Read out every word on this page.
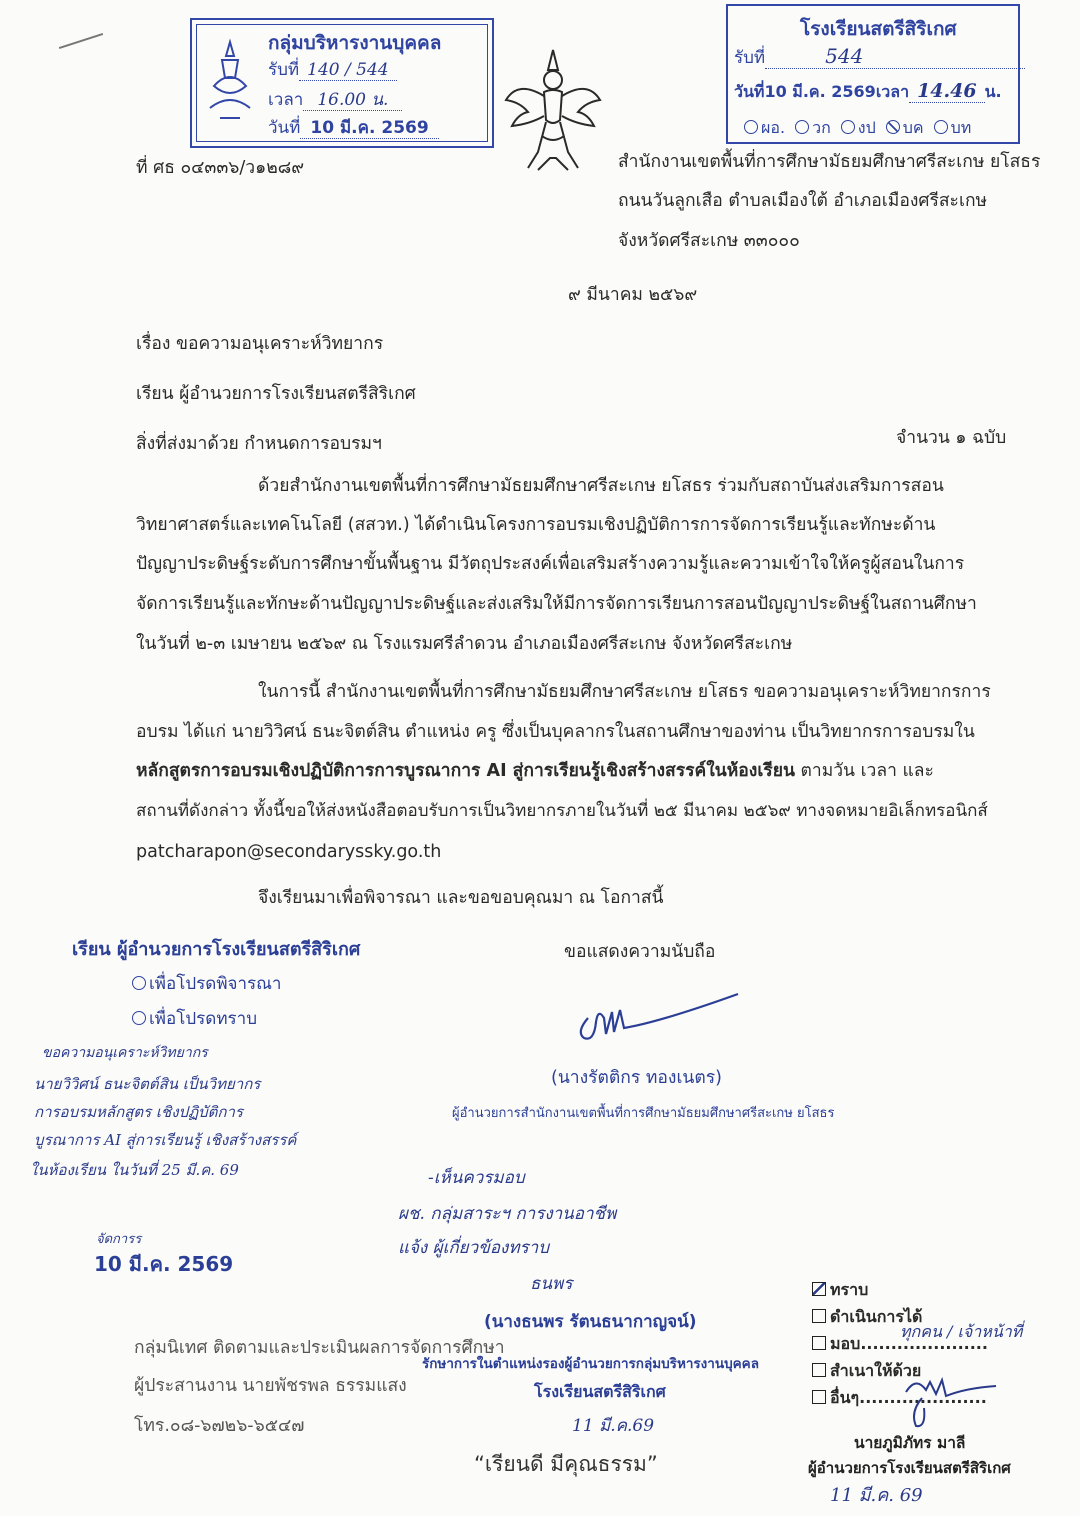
กลุ่มบริหารงานบุคคล
รับที่ 140 / 544
เวลา 16.00 น.
วันที่ 10 มี.ค. 2569
โรงเรียนสตรีสิริเกศ
รับที่	544
วันที่10 มี.ค. 2569เวลา 14.46 น.
ผอ. วก งป บค บท
ที่ ศธ ๐๔๓๓๖/ว๑๒๘๙	สำนักงานเขตพื้นที่การศึกษามัธยมศึกษาศรีสะเกษ ยโสธร
ถนนวันลูกเสือ ตำบลเมืองใต้ อำเภอเมืองศรีสะเกษ
จังหวัดศรีสะเกษ ๓๓๐๐๐
๙ มีนาคม ๒๕๖๙
เรื่อง ขอความอนุเคราะห์วิทยากร
เรียน ผู้อำนวยการโรงเรียนสตรีสิริเกศ
สิ่งที่ส่งมาด้วย กำหนดการอบรมฯ	จำนวน ๑ ฉบับ
ด้วยสำนักงานเขตพื้นที่การศึกษามัธยมศึกษาศรีสะเกษ ยโสธร ร่วมกับสถาบันส่งเสริมการสอน
วิทยาศาสตร์และเทคโนโลยี (สสวท.) ได้ดำเนินโครงการอบรมเชิงปฏิบัติการการจัดการเรียนรู้และทักษะด้าน
ปัญญาประดิษฐ์ระดับการศึกษาขั้นพื้นฐาน มีวัตถุประสงค์เพื่อเสริมสร้างความรู้และความเข้าใจให้ครูผู้สอนในการ
จัดการเรียนรู้และทักษะด้านปัญญาประดิษฐ์และส่งเสริมให้มีการจัดการเรียนการสอนปัญญาประดิษฐ์ในสถานศึกษา
ในวันที่ ๒-๓ เมษายน ๒๕๖๙ ณ โรงแรมศรีลำดวน อำเภอเมืองศรีสะเกษ จังหวัดศรีสะเกษ
ในการนี้ สำนักงานเขตพื้นที่การศึกษามัธยมศึกษาศรีสะเกษ ยโสธร ขอความอนุเคราะห์วิทยากรการ
อบรม ได้แก่ นายวิวิศน์ ธนะจิตต์สิน ตำแหน่ง ครู ซึ่งเป็นบุคลากรในสถานศึกษาของท่าน เป็นวิทยากรการอบรมใน
หลักสูตรการอบรมเชิงปฏิบัติการการบูรณาการ AI สู่การเรียนรู้เชิงสร้างสรรค์ในห้องเรียน ตามวัน เวลา และ
สถานที่ดังกล่าว ทั้งนี้ขอให้ส่งหนังสือตอบรับการเป็นวิทยากรภายในวันที่ ๒๕ มีนาคม ๒๕๖๙ ทางจดหมายอิเล็กทรอนิกส์
patcharapon@secondaryssky.go.th
จึงเรียนมาเพื่อพิจารณา และขอขอบคุณมา ณ โอกาสนี้
ขอแสดงความนับถือ
(นางรัตติกร ทองเนตร)
ผู้อำนวยการสำนักงานเขตพื้นที่การศึกษามัธยมศึกษาศรีสะเกษ ยโสธร
เรียน ผู้อำนวยการโรงเรียนสตรีสิริเกศ
เพื่อโปรดพิจารณา
เพื่อโปรดทราบ
ขอความอนุเคราะห์วิทยากร
นายวิวิศน์ ธนะจิตต์สิน เป็นวิทยากร
การอบรมหลักสูตร เชิงปฏิบัติการ
บูรณาการ AI สู่การเรียนรู้ เชิงสร้างสรรค์
ในห้องเรียน ในวันที่ 25 มี.ค. 69
จัดการร
10 มี.ค. 2569
-เห็นควรมอบ
ผช. กลุ่มสาระฯ การงานอาชีพ
แจ้ง ผู้เกี่ยวข้องทราบ
ธนพร
(นางธนพร รัตนธนากาญจน์)
รักษาการในตำแหน่งรองผู้อำนวยการกลุ่มบริหารงานบุคคล
โรงเรียนสตรีสิริเกศ
11 มี.ค.69
ทราบ
ดำเนินการได้
มอบ.....................
สำเนาให้ด้วย
อื่นๆ.....................
ทุกคน / เจ้าหน้าที่
นายภูมิภัทร มาลี
ผู้อำนวยการโรงเรียนสตรีสิริเกศ
11 มี.ค. 69
กลุ่มนิเทศ ติดตามและประเมินผลการจัดการศึกษา
ผู้ประสานงาน นายพัชรพล ธรรมแสง
โทร.๐๘-๖๗๒๖-๖๕๔๗
“เรียนดี มีคุณธรรม”
